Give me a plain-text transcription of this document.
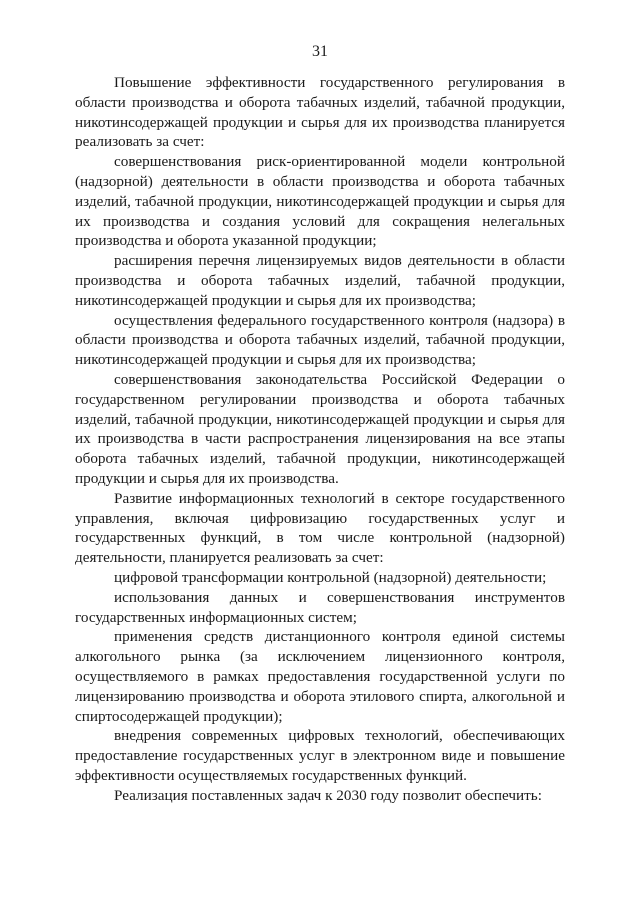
31

Повышение эффективности государственного регулирования в области производства и оборота табачных изделий, табачной продукции, никотинсодержащей продукции и сырья для их производства планируется реализовать за счет:

совершенствования риск-ориентированной модели контрольной (надзорной) деятельности в области производства и оборота табачных изделий, табачной продукции, никотинсодержащей продукции и сырья для их производства и создания условий для сокращения нелегальных производства и оборота указанной продукции;

расширения перечня лицензируемых видов деятельности в области производства и оборота табачных изделий, табачной продукции, никотинсодержащей продукции и сырья для их производства;

осуществления федерального государственного контроля (надзора) в области производства и оборота табачных изделий, табачной продукции, никотинсодержащей продукции и сырья для их производства;

совершенствования законодательства Российской Федерации о государственном регулировании производства и оборота табачных изделий, табачной продукции, никотинсодержащей продукции и сырья для их производства в части распространения лицензирования на все этапы оборота табачных изделий, табачной продукции, никотинсодержащей продукции и сырья для их производства.

Развитие информационных технологий в секторе государственного управления, включая цифровизацию государственных услуг и государственных функций, в том числе контрольной (надзорной) деятельности, планируется реализовать за счет:

цифровой трансформации контрольной (надзорной) деятельности;

использования данных и совершенствования инструментов государственных информационных систем;

применения средств дистанционного контроля единой системы алкогольного рынка (за исключением лицензионного контроля, осуществляемого в рамках предоставления государственной услуги по лицензированию производства и оборота этилового спирта, алкогольной и спиртосодержащей продукции);

внедрения современных цифровых технологий, обеспечивающих предоставление государственных услуг в электронном виде и повышение эффективности осуществляемых государственных функций.

Реализация поставленных задач к 2030 году позволит обеспечить:
